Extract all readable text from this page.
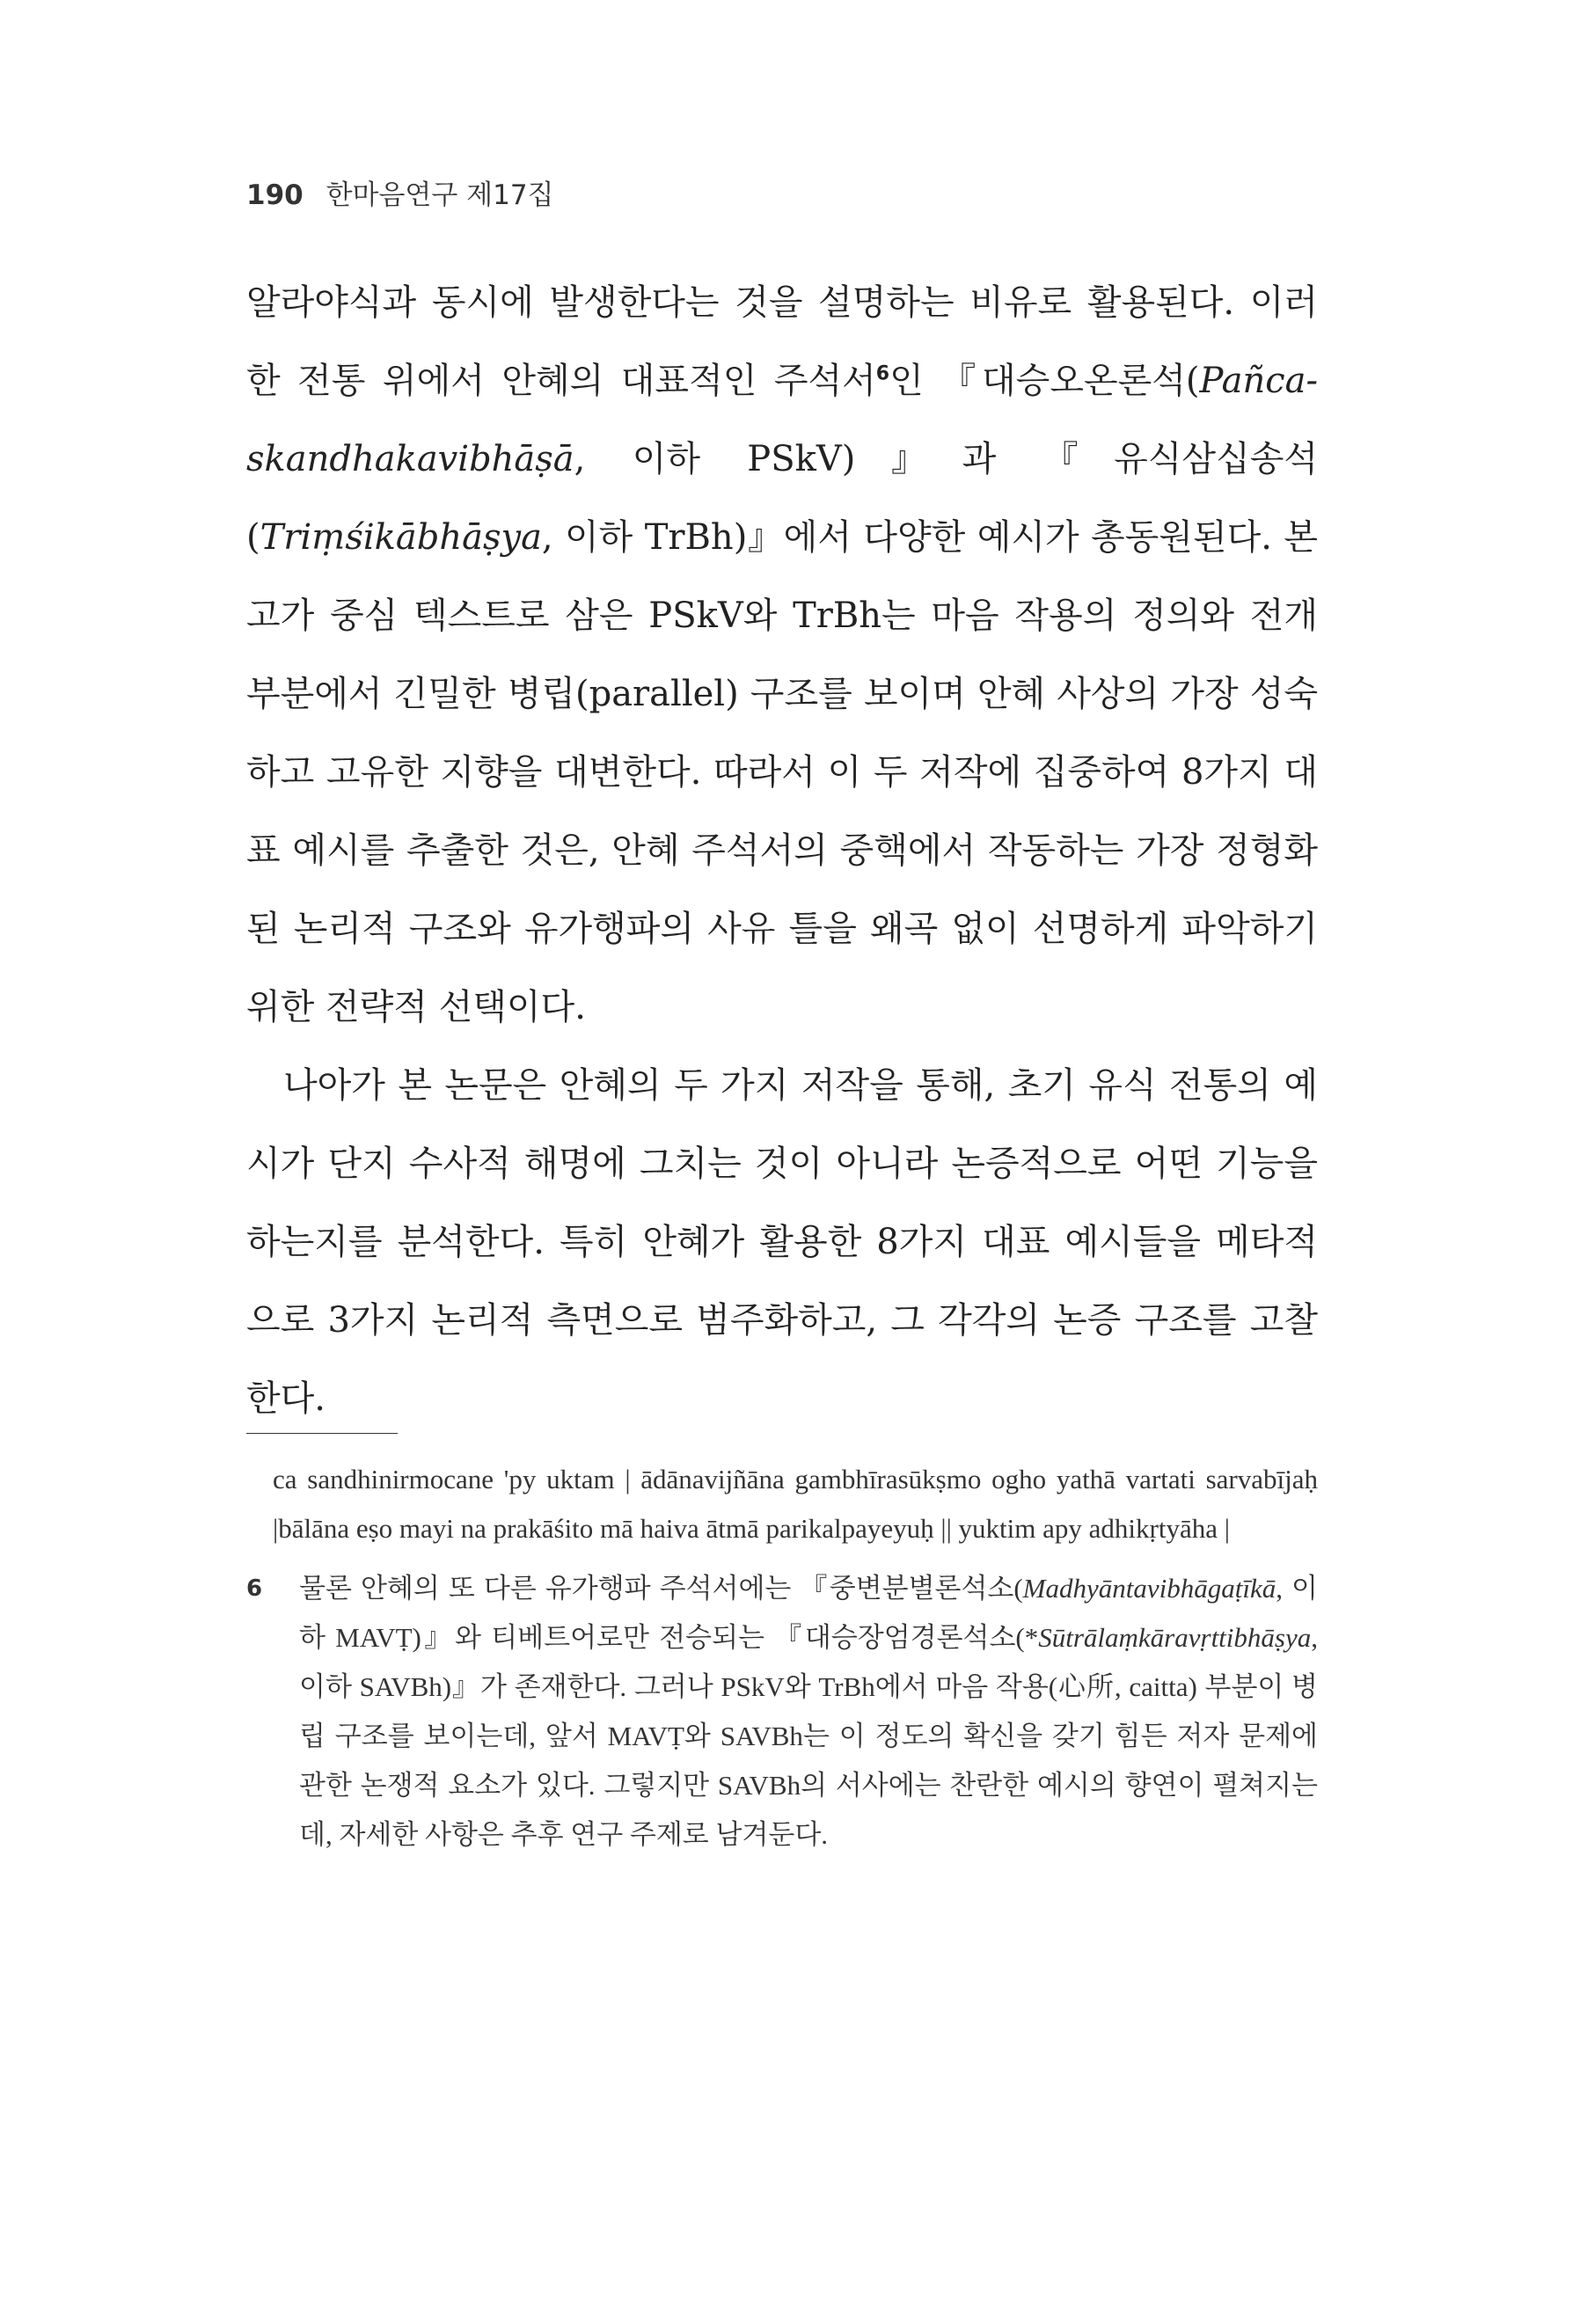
190 한마음연구 제17집

알라야식과 동시에 발생한다는 것을 설명하는 비유로 활용된다. 이러한 전통 위에서 안혜의 대표적인 주석서$^6$인 『대승오온론석(Pañcaskandhakavibhāṣā, 이하 PSkV)』과 『유식삼십송석(Triṃśikābhāṣya, 이하 TrBh)』에서 다양한 예시가 총동원된다. 본고가 중심 텍스트로 삼은 PSkV와 TrBh는 마음 작용의 정의와 전개 부분에서 긴밀한 병립(parallel) 구조를 보이며 안혜 사상의 가장 성숙하고 고유한 지향을 대변한다. 따라서 이 두 저작에 집중하여 8가지 대표 예시를 추출한 것은, 안혜 주석서의 중핵에서 작동하는 가장 정형화된 논리적 구조와 유가행파의 사유 틀을 왜곡 없이 선명하게 파악하기 위한 전략적 선택이다.

나아가 본 논문은 안혜의 두 가지 저작을 통해, 초기 유식 전통의 예시가 단지 수사적 해명에 그치는 것이 아니라 논증적으로 어떤 기능을 하는지를 분석한다. 특히 안혜가 활용한 8가지 대표 예시들을 메타적으로 3가지 논리적 측면으로 범주화하고, 그 각각의 논증 구조를 고찰한다.

ca sandhinirmocane 'py uktam | ādānavijñāna gambhīrasūkṣmo ogho yathā vartati sarvabījaḥ |bālāna eṣo mayi na prakāśito mā haiva ātmā parikalpayeyuḥ || yuktim apy adhikṛtyāha |

6 물론 안혜의 또 다른 유가행파 주석서에는 『중변분별론석소(Madhyāntavibhāgaṭīkā, 이하 MAVṬ)』와 티베트어로만 전승되는 『대승장엄경론석소(*Sūtrālaṃkāravṛttibhāṣya, 이하 SAVBh)』가 존재한다. 그러나 PSkV와 TrBh에서 마음 작용(心所, caitta) 부분이 병립 구조를 보이는데, 앞서 MAVṬ와 SAVBh는 이 정도의 확신을 갖기 힘든 저자 문제에 관한 논쟁적 요소가 있다. 그렇지만 SAVBh의 서사에는 찬란한 예시의 향연이 펼쳐지는데, 자세한 사항은 추후 연구 주제로 남겨둔다.
